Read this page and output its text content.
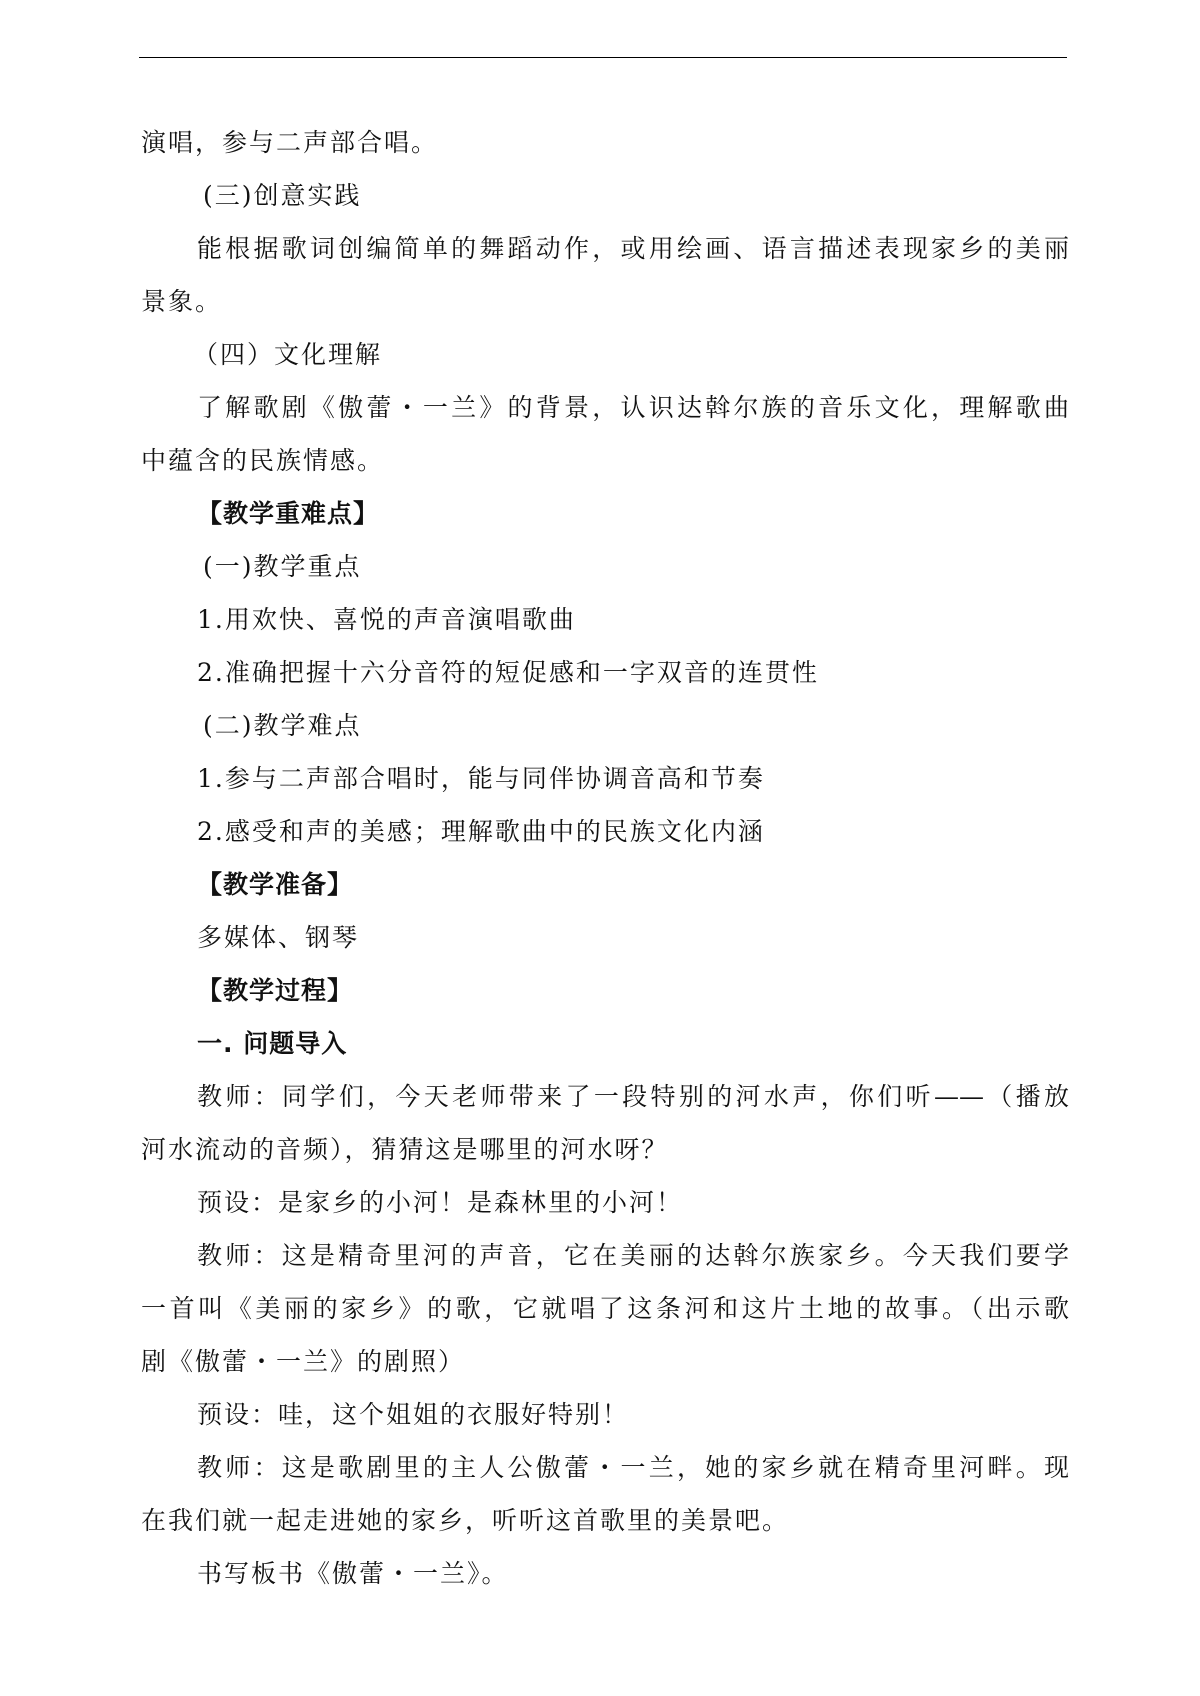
演唱，参与二声部合唱。
(三)创意实践
能根据歌词创编简单的舞蹈动作，或用绘画、语言描述表现家乡的美丽
景象。
（四）文化理解
了解歌剧《傲蕾・一兰》的背景，认识达斡尔族的音乐文化，理解歌曲
中蕴含的民族情感。
【教学重难点】
(一)教学重点
1.用欢快、喜悦的声音演唱歌曲
2.准确把握十六分音符的短促感和一字双音的连贯性
(二)教学难点
1.参与二声部合唱时，能与同伴协调音高和节奏
2.感受和声的美感；理解歌曲中的民族文化内涵
【教学准备】
多媒体、钢琴
【教学过程】
一. 问题导入
教师：同学们，今天老师带来了一段特别的河水声，你们听——（播放
河水流动的音频），猜猜这是哪里的河水呀？
预设：是家乡的小河！是森林里的小河！
教师：这是精奇里河的声音，它在美丽的达斡尔族家乡。今天我们要学
一首叫《美丽的家乡》的歌，它就唱了这条河和这片土地的故事。（出示歌
剧《傲蕾・一兰》的剧照）
预设：哇，这个姐姐的衣服好特别！
教师：这是歌剧里的主人公傲蕾・一兰，她的家乡就在精奇里河畔。现
在我们就一起走进她的家乡，听听这首歌里的美景吧。
书写板书《傲蕾・一兰》。
